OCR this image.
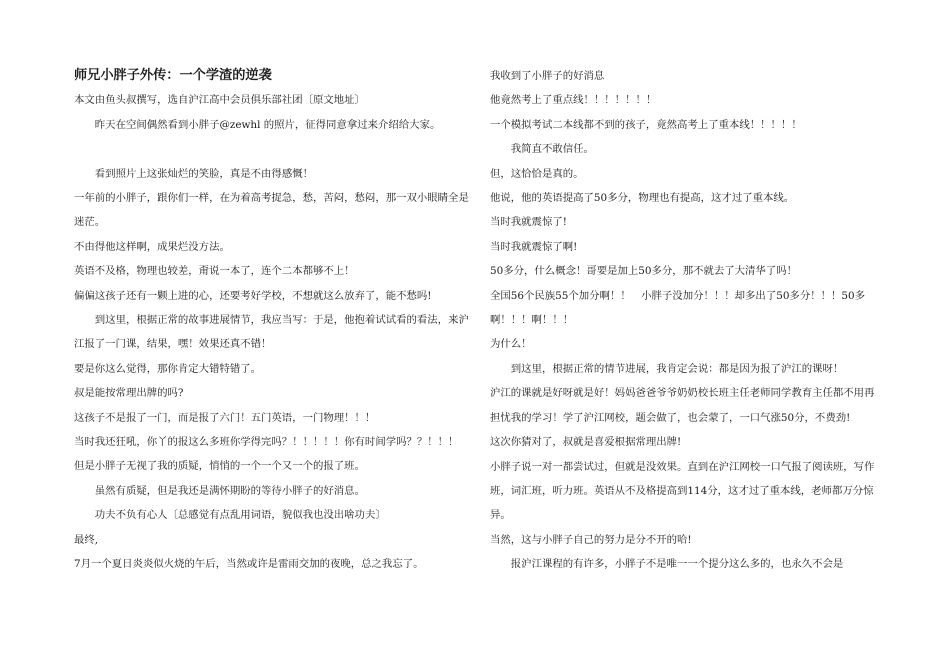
师兄小胖子外传：一个学渣的逆袭

本文由鱼头叔撰写，选自沪江高中会员俱乐部社团〔原文地址〕

昨天在空间偶然看到小胖子@zewhl 的照片，征得同意拿过来介绍给大家。

看到照片上这张灿烂的笑脸，真是不由得感慨！

一年前的小胖子，跟你们一样，在为着高考捉急，愁，苦闷，愁闷，那一双小眼睛全是迷茫。

不由得他这样啊，成果烂没方法。

英语不及格，物理也较差，甭说一本了，连个二本都够不上！

偏偏这孩子还有一颗上进的心，还要考好学校，不想就这么放弃了，能不愁吗!

到这里，根据正常的故事进展情节，我应当写：于是，他抱着试试看的看法，来沪江报了一门课，结果，嘿！效果还真不错！

要是你这么觉得，那你肯定大错特错了。

叔是能按常理出牌的吗?

这孩子不是报了一门，而是报了六门！五门英语，一门物理！！！

当时我还狂吼，你丫的报这么多班你学得完吗？！！！！！你有时间学吗？？！！！

但是小胖子无视了我的质疑，悄悄的一个一个又一个的报了班。

虽然有质疑，但是我还是满怀期盼的等待小胖子的好消息。

功夫不负有心人〔总感觉有点乱用词语，貌似我也没出啥功夫〕

最终,

7月一个夏日炎炎似火烧的午后，当然或许是雷雨交加的夜晚，总之我忘了。

我收到了小胖子的好消息

他竟然考上了重点线！！！！！！！

一个模拟考试二本线都不到的孩子，竟然高考上了重本线！！！！！

我简直不敢信任。

但，这恰恰是真的。

他说，他的英语提高了50多分，物理也有提高，这才过了重本线。

当时我就震惊了!

当时我就震惊了啊!

50多分，什么概念！哥要是加上50多分，那不就去了大清华了吗！

全国56个民族55个加分啊！！　小胖子没加分！！！却多出了50多分！！！50多啊！！！啊！！！

为什么！

到这里，根据正常的情节进展，我肯定会说：都是因为报了沪江的课呀！

沪江的课就是好呀就是好！妈妈爸爸爷爷奶奶校长班主任老师同学教育主任都不用再担忧我的学习！学了沪江网校，题会做了，也会蒙了，一口气涨50分，不费劲!

这次你猜对了，叔就是喜爱根据常理出牌!

小胖子说一对一都尝试过，但就是没效果。直到在沪江网校一口气报了阅读班，写作班，词汇班，听力班。英语从不及格提高到114分，这才过了重本线，老师都万分惊异。

当然，这与小胖子自己的努力是分不开的哈!

报沪江课程的有许多，小胖子不是唯一一个提分这么多的，也永久不会是
